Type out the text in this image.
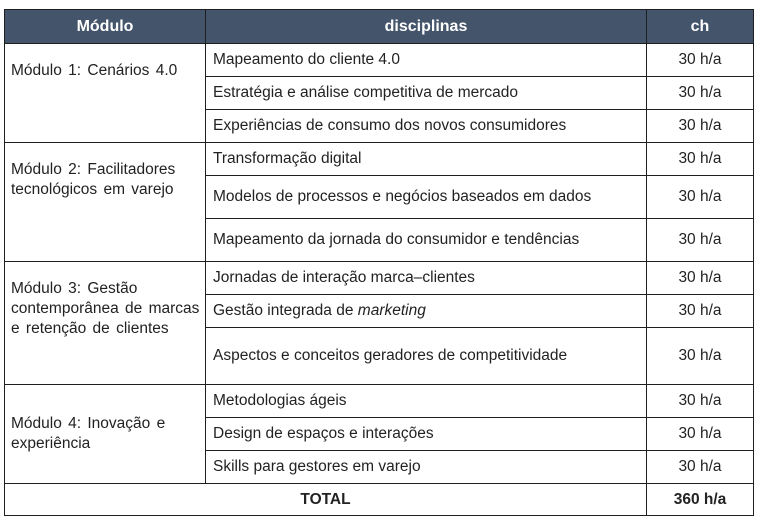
Módulo	disciplinas	ch
Módulo 1: Cenários 4.0	Mapeamento do cliente 4.0	30 h/a
	Estratégia e análise competitiva de mercado	30 h/a
	Experiências de consumo dos novos consumidores	30 h/a
Módulo 2: Facilitadores tecnológicos em varejo	Transformação digital	30 h/a
	Modelos de processos e negócios baseados em dados	30 h/a
	Mapeamento da jornada do consumidor e tendências	30 h/a
Módulo 3: Gestão contemporânea de marcas e retenção de clientes	Jornadas de interação marca–clientes	30 h/a
	Gestão integrada de marketing	30 h/a
	Aspectos e conceitos geradores de competitividade	30 h/a
Módulo 4: Inovação e experiência	Metodologias ágeis	30 h/a
	Design de espaços e interações	30 h/a
	Skills para gestores em varejo	30 h/a
TOTAL		360 h/a
